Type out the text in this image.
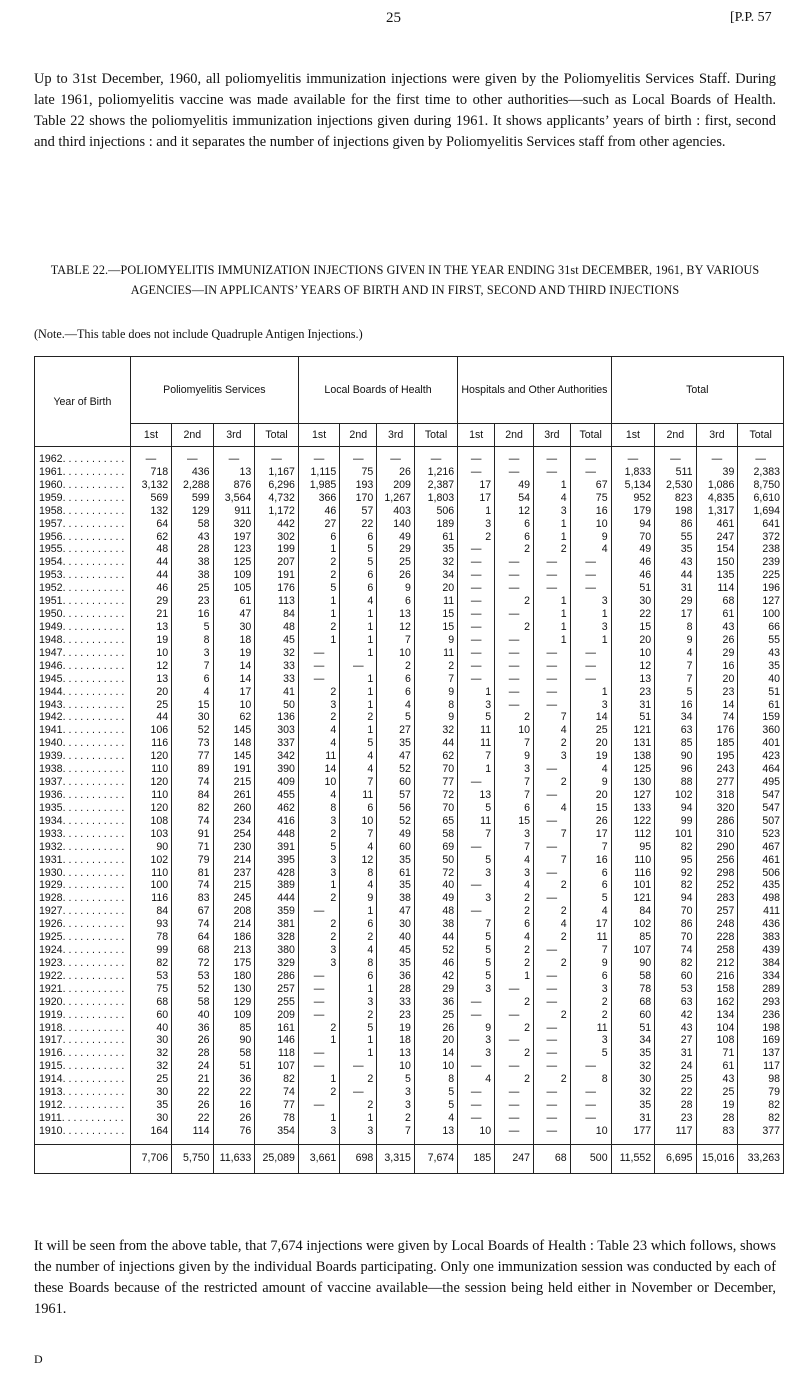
25	[P.P. 57

Up to 31st December, 1960, all poliomyelitis immunization injections were given by the Poliomyelitis Services Staff. During late 1961, poliomyelitis vaccine was made available for the first time to other authorities—such as Local Boards of Health. Table 22 shows the poliomyelitis immunization injections given during 1961. It shows applicants’ years of birth : first, second and third injections : and it separates the number of injections given by Poliomyelitis Services staff from other agencies.

TABLE 22.—POLIOMYELITIS IMMUNIZATION INJECTIONS GIVEN IN THE YEAR ENDING 31st DECEMBER, 1961, BY VARIOUS AGENCIES—IN APPLICANTS’ YEARS OF BIRTH AND IN FIRST, SECOND AND THIRD INJECTIONS

(Note.—This table does not include Quadruple Antigen Injections.)

Year of Birth	Poliomyelitis Services				Local Boards of Health				Hospitals and Other Authorities				Total			
	1st	2nd	3rd	Total	1st	2nd	3rd	Total	1st	2nd	3rd	Total	1st	2nd	3rd	Total

1962. . . . . . . . . . .	—	—	—	—	—	—	—	—	—	—	—	—	—	—	—	—
1961. . . . . . . . . . .	718	436	13	1,167	1,115	75	26	1,216	—	—	—	—	1,833	511	39	2,383
1960. . . . . . . . . . .	3,132	2,288	876	6,296	1,985	193	209	2,387	17	49	1	67	5,134	2,530	1,086	8,750
1959. . . . . . . . . . .	569	599	3,564	4,732	366	170	1,267	1,803	17	54	4	75	952	823	4,835	6,610
1958. . . . . . . . . . .	132	129	911	1,172	46	57	403	506	1	12	3	16	179	198	1,317	1,694
1957. . . . . . . . . . .	64	58	320	442	27	22	140	189	3	6	1	10	94	86	461	641
1956. . . . . . . . . . .	62	43	197	302	6	6	49	61	2	6	1	9	70	55	247	372
1955. . . . . . . . . . .	48	28	123	199	1	5	29	35	—	2	2	4	49	35	154	238
1954. . . . . . . . . . .	44	38	125	207	2	5	25	32	—	—	—	—	46	43	150	239
1953. . . . . . . . . . .	44	38	109	191	2	6	26	34	—	—	—	—	46	44	135	225
1952. . . . . . . . . . .	46	25	105	176	5	6	9	20	—	—	—	—	51	31	114	196
1951. . . . . . . . . . .	29	23	61	113	1	4	6	11	—	2	1	3	30	29	68	127
1950. . . . . . . . . . .	21	16	47	84	1	1	13	15	—	—	1	1	22	17	61	100
1949. . . . . . . . . . .	13	5	30	48	2	1	12	15	—	2	1	3	15	8	43	66
1948. . . . . . . . . . .	19	8	18	45	1	1	7	9	—	—	1	1	20	9	26	55
1947. . . . . . . . . . .	10	3	19	32	—	1	10	11	—	—	—	—	10	4	29	43
1946. . . . . . . . . . .	12	7	14	33	—	—	2	2	—	—	—	—	12	7	16	35
1945. . . . . . . . . . .	13	6	14	33	—	1	6	7	—	—	—	—	13	7	20	40
1944. . . . . . . . . . .	20	4	17	41	2	1	6	9	1	—	—	1	23	5	23	51
1943. . . . . . . . . . .	25	15	10	50	3	1	4	8	3	—	—	3	31	16	14	61
1942. . . . . . . . . . .	44	30	62	136	2	2	5	9	5	2	7	14	51	34	74	159
1941. . . . . . . . . . .	106	52	145	303	4	1	27	32	11	10	4	25	121	63	176	360
1940. . . . . . . . . . .	116	73	148	337	4	5	35	44	11	7	2	20	131	85	185	401
1939. . . . . . . . . . .	120	77	145	342	11	4	47	62	7	9	3	19	138	90	195	423
1938. . . . . . . . . . .	110	89	191	390	14	4	52	70	1	3	—	4	125	96	243	464
1937. . . . . . . . . . .	120	74	215	409	10	7	60	77	—	7	2	9	130	88	277	495
1936. . . . . . . . . . .	110	84	261	455	4	11	57	72	13	7	—	20	127	102	318	547
1935. . . . . . . . . . .	120	82	260	462	8	6	56	70	5	6	4	15	133	94	320	547
1934. . . . . . . . . . .	108	74	234	416	3	10	52	65	11	15	—	26	122	99	286	507
1933. . . . . . . . . . .	103	91	254	448	2	7	49	58	7	3	7	17	112	101	310	523
1932. . . . . . . . . . .	90	71	230	391	5	4	60	69	—	7	—	7	95	82	290	467
1931. . . . . . . . . . .	102	79	214	395	3	12	35	50	5	4	7	16	110	95	256	461
1930. . . . . . . . . . .	110	81	237	428	3	8	61	72	3	3	—	6	116	92	298	506
1929. . . . . . . . . . .	100	74	215	389	1	4	35	40	—	4	2	6	101	82	252	435
1928. . . . . . . . . . .	116	83	245	444	2	9	38	49	3	2	—	5	121	94	283	498
1927. . . . . . . . . . .	84	67	208	359	—	1	47	48	—	2	2	4	84	70	257	411
1926. . . . . . . . . . .	93	74	214	381	2	6	30	38	7	6	4	17	102	86	248	436
1925. . . . . . . . . . .	78	64	186	328	2	2	40	44	5	4	2	11	85	70	228	383
1924. . . . . . . . . . .	99	68	213	380	3	4	45	52	5	2	—	7	107	74	258	439
1923. . . . . . . . . . .	82	72	175	329	3	8	35	46	5	2	2	9	90	82	212	384
1922. . . . . . . . . . .	53	53	180	286	—	6	36	42	5	1	—	6	58	60	216	334
1921. . . . . . . . . . .	75	52	130	257	—	1	28	29	3	—	—	3	78	53	158	289
1920. . . . . . . . . . .	68	58	129	255	—	3	33	36	—	2	—	2	68	63	162	293
1919. . . . . . . . . . .	60	40	109	209	—	2	23	25	—	—	2	2	60	42	134	236
1918. . . . . . . . . . .	40	36	85	161	2	5	19	26	9	2	—	11	51	43	104	198
1917. . . . . . . . . . .	30	26	90	146	1	1	18	20	3	—	—	3	34	27	108	169
1916. . . . . . . . . . .	32	28	58	118	—	1	13	14	3	2	—	5	35	31	71	137
1915. . . . . . . . . . .	32	24	51	107	—	—	10	10	—	—	—	—	32	24	61	117
1914. . . . . . . . . . .	25	21	36	82	1	2	5	8	4	2	2	8	30	25	43	98
1913. . . . . . . . . . .	30	22	22	74	2	—	3	5	—	—	—	—	32	22	25	79
1912. . . . . . . . . . .	35	26	16	77	—	2	3	5	—	—	—	—	35	28	19	82
1911. . . . . . . . . . .	30	22	26	78	1	1	2	4	—	—	—	—	31	23	28	82
1910. . . . . . . . . . .	164	114	76	354	3	3	7	13	10	—	—	10	177	117	83	377

	7,706	5,750	11,633	25,089	3,661	698	3,315	7,674	185	247	68	500	11,552	6,695	15,016	33,263

It will be seen from the above table, that 7,674 injections were given by Local Boards of Health : Table 23 which follows, shows the number of injections given by the individual Boards participating. Only one immunization session was conducted by each of these Boards because of the restricted amount of vaccine available—the session being held either in November or December, 1961.

D
